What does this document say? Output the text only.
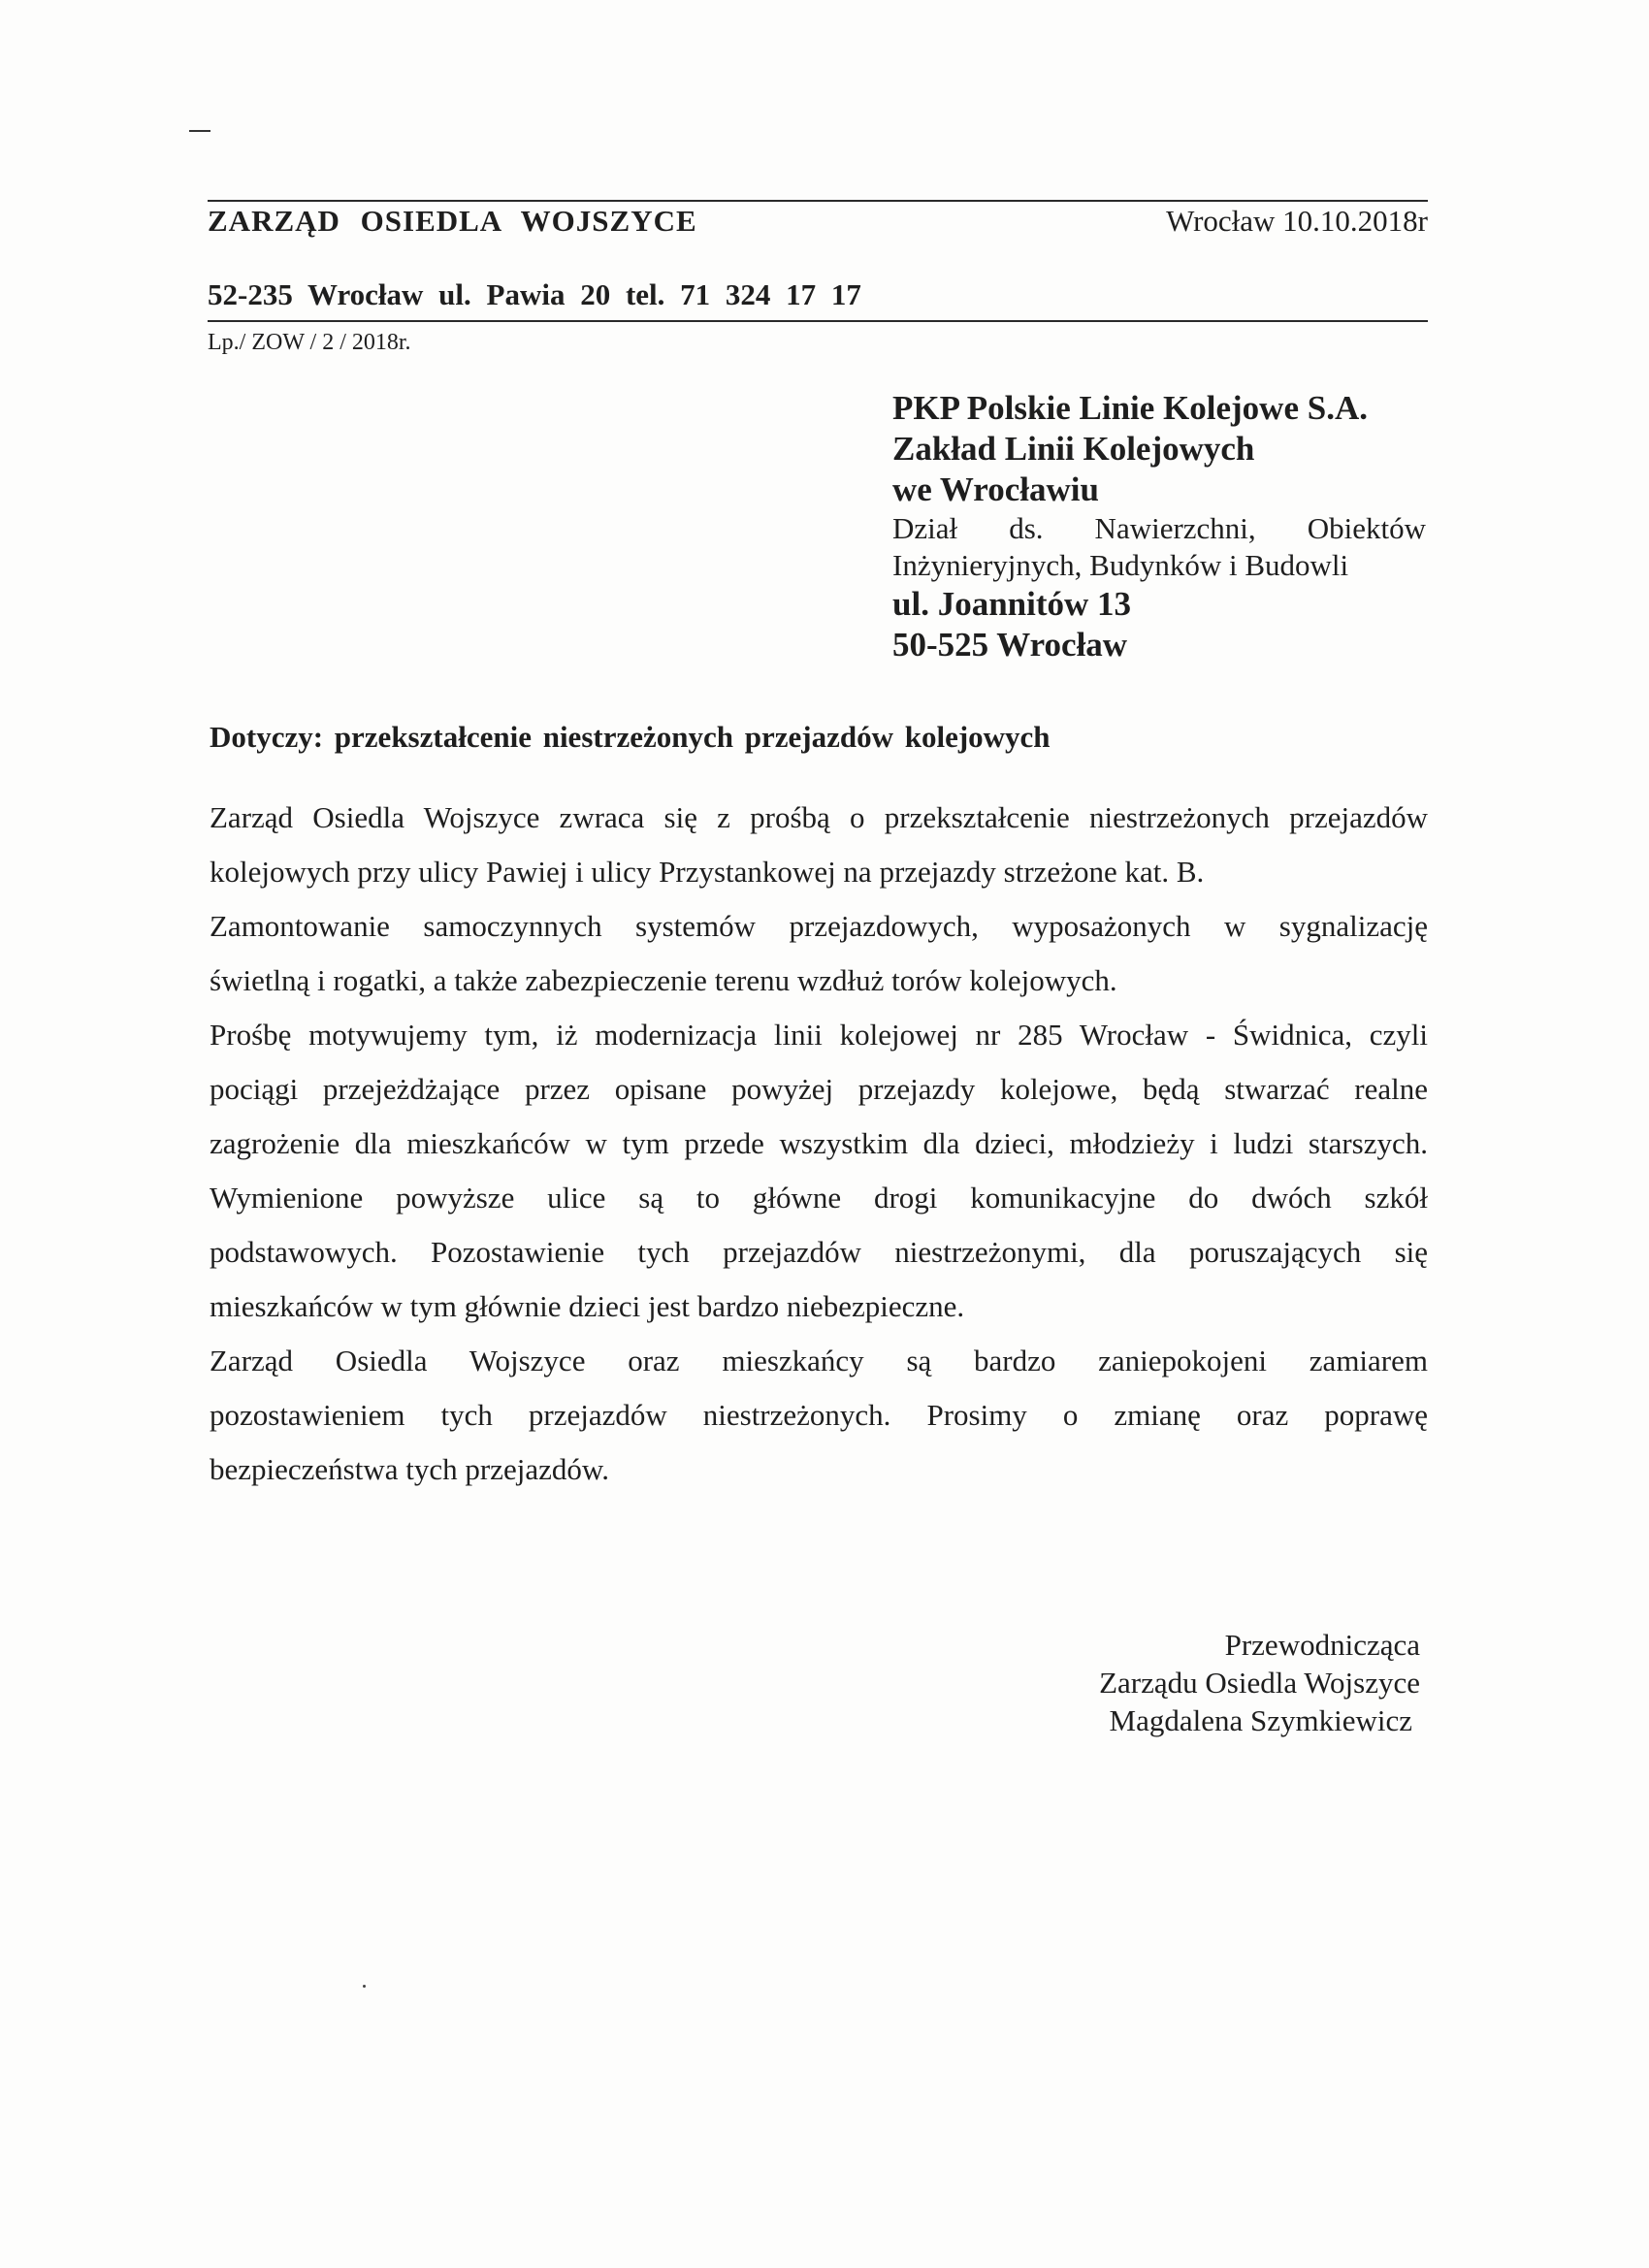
ZARZĄD OSIEDLA WOJSZYCE	Wrocław 10.10.2018r
52-235 Wrocław ul. Pawia 20 tel. 71 324 17 17
Lp./ ZOW / 2 / 2018r.
PKP Polskie Linie Kolejowe S.A.
Zakład Linii Kolejowych
we Wrocławiu
Dział ds. Nawierzchni, Obiektów
Inżynieryjnych, Budynków i Budowli
ul. Joannitów 13
50-525 Wrocław
Dotyczy: przekształcenie niestrzeżonych przejazdów kolejowych
Zarząd Osiedla Wojszyce zwraca się z prośbą o przekształcenie niestrzeżonych przejazdów
kolejowych przy ulicy Pawiej i ulicy Przystankowej na przejazdy strzeżone kat. B.
Zamontowanie samoczynnych systemów przejazdowych, wyposażonych w sygnalizację
świetlną i rogatki, a także zabezpieczenie terenu wzdłuż torów kolejowych.
Prośbę motywujemy tym, iż modernizacja linii kolejowej nr 285 Wrocław - Świdnica, czyli
pociągi przejeżdżające przez opisane powyżej przejazdy kolejowe, będą stwarzać realne
zagrożenie dla mieszkańców w tym przede wszystkim dla dzieci, młodzieży i ludzi starszych.
Wymienione powyższe ulice są to główne drogi komunikacyjne do dwóch szkół
podstawowych. Pozostawienie tych przejazdów niestrzeżonymi, dla poruszających się
mieszkańców w tym głównie dzieci jest bardzo niebezpieczne.
Zarząd Osiedla Wojszyce oraz mieszkańcy są bardzo zaniepokojeni zamiarem
pozostawieniem tych przejazdów niestrzeżonych. Prosimy o zmianę oraz poprawę
bezpieczeństwa tych przejazdów.
Przewodnicząca
Zarządu Osiedla Wojszyce
Magdalena Szymkiewicz
